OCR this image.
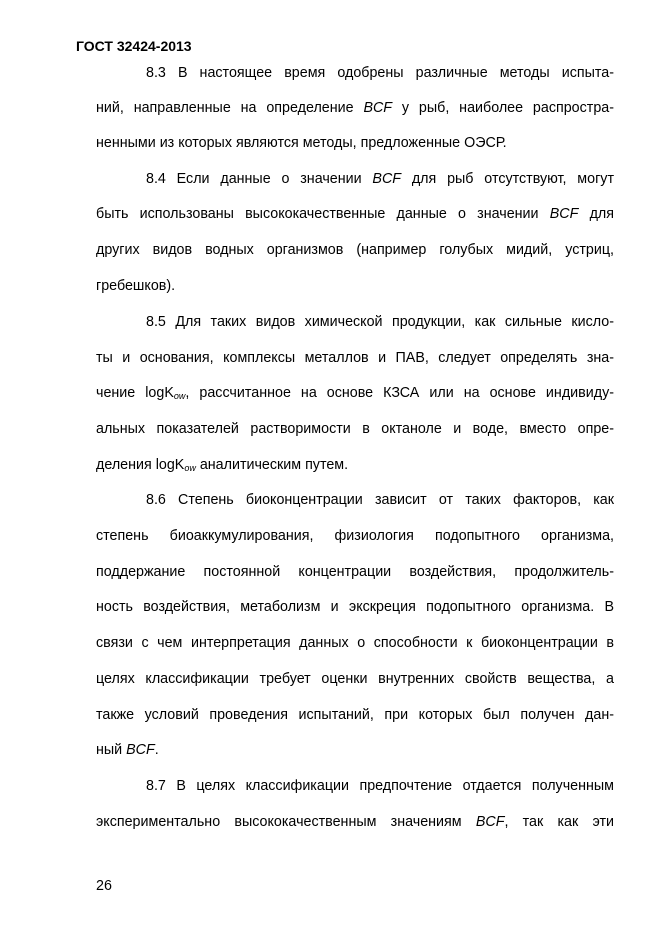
ГОСТ 32424-2013
8.3 В настоящее время одобрены различные методы испыта-
ний, направленные на определение BCF у рыб, наиболее распростра-
ненными из которых являются методы, предложенные ОЭСР.
8.4 Если данные о значении BCF для рыб отсутствуют, могут
быть использованы высококачественные данные о значении BCF для
других видов водных организмов (например голубых мидий, устриц,
гребешков).
8.5 Для таких видов химической продукции, как сильные кисло-
ты и основания, комплексы металлов и ПАВ, следует определять зна-
чение logK$_{ow}$, рассчитанное на основе КЗСА или на основе индивиду-
альных показателей растворимости в октаноле и воде, вместо опре-
деления logK$_{ow}$ аналитическим путем.
8.6 Степень биоконцентрации зависит от таких факторов, как
степень биоаккумулирования, физиология подопытного организма,
поддержание постоянной концентрации воздействия, продолжитель-
ность воздействия, метаболизм и экскреция подопытного организма. В
связи с чем интерпретация данных о способности к биоконцентрации в
целях классификации требует оценки внутренних свойств вещества, а
также условий проведения испытаний, при которых был получен дан-
ный BCF.
8.7 В целях классификации предпочтение отдается полученным
экспериментально высококачественным значениям BCF, так как эти
26
